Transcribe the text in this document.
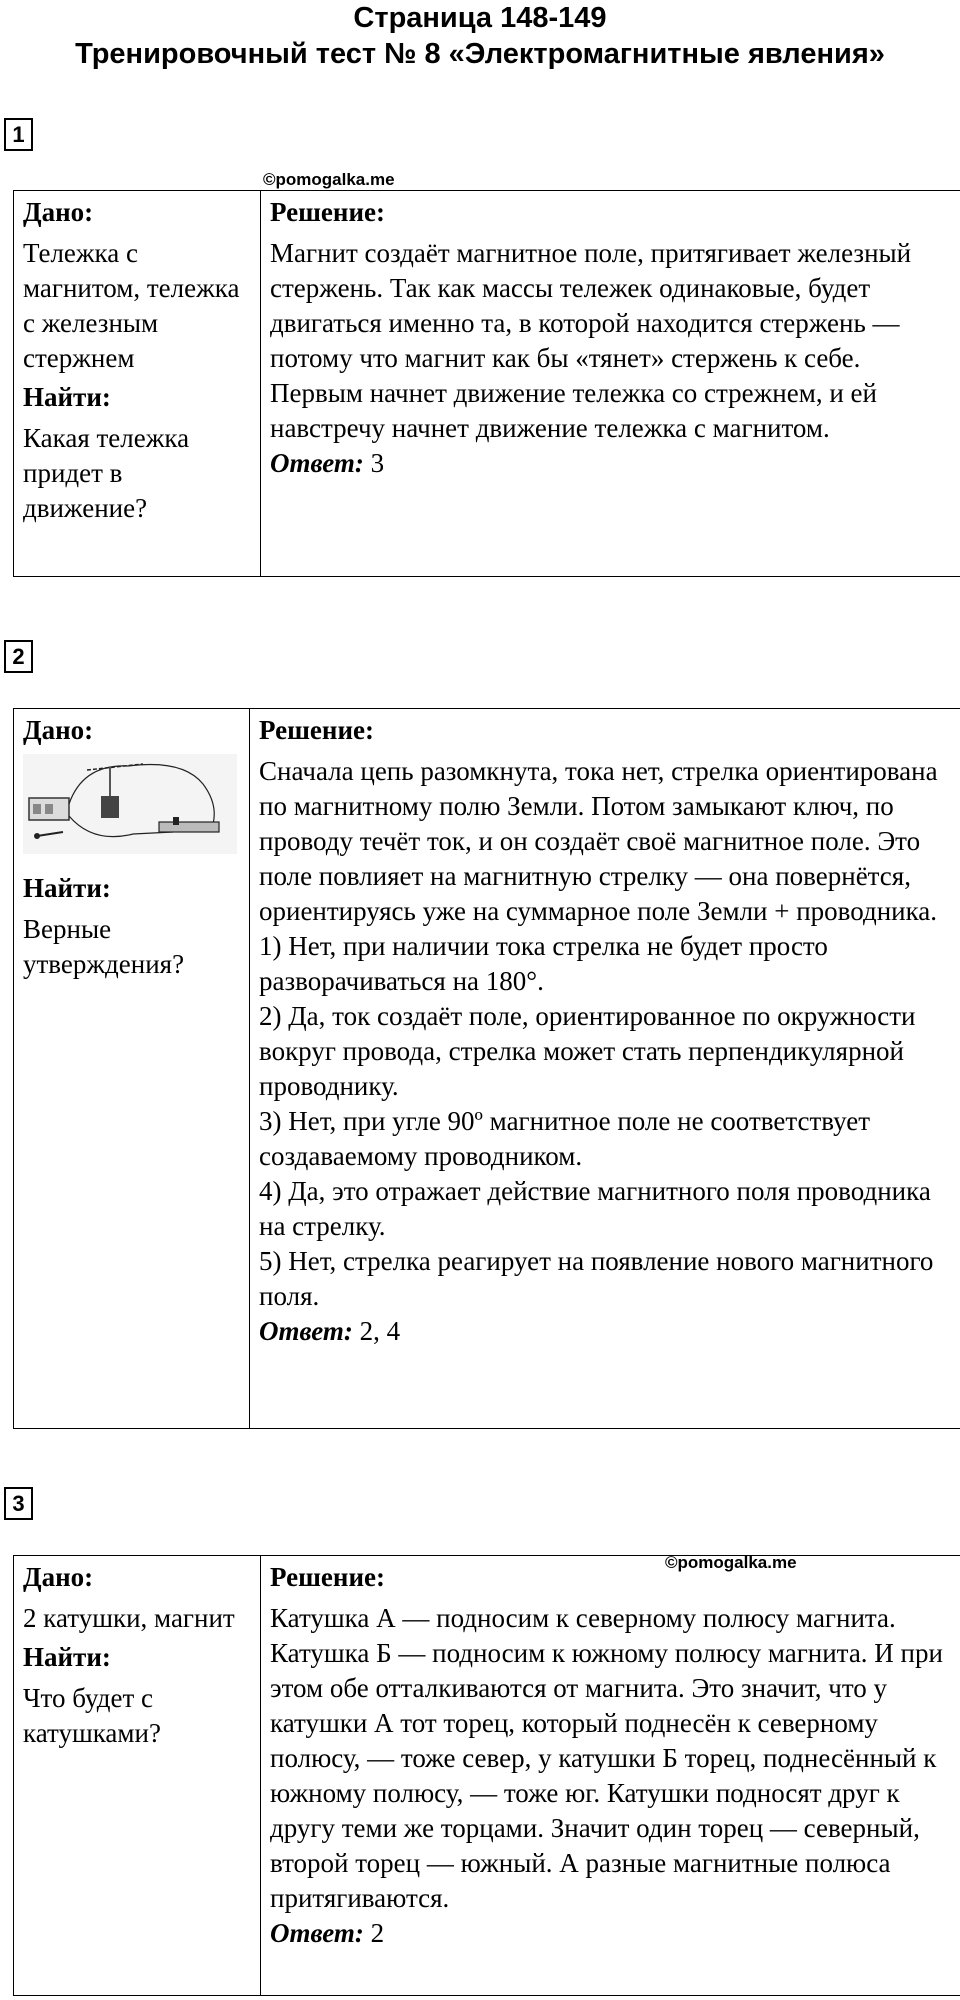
Страница 148-149
Тренировочный тест № 8 «Электромагнитные явления»
1
©pomogalka.me
Дано:
Тележка с магнитом, тележка с железным стержнем
Найти:
Какая тележка придет в движение?

Решение:
Магнит создаёт магнитное поле, притягивает железный стержень. Так как массы тележек одинаковые, будет двигаться именно та, в которой находится стержень — потому что магнит как бы «тянет» стержень к себе. Первым начнет движение тележка со стрежнем, и ей навстречу начнет движение тележка с магнитом.
Ответ: 3
2
Дано:
Найти:
Верные утверждения?

Решение:
Сначала цепь разомкнута, тока нет, стрелка ориентирована по магнитному полю Земли. Потом замыкают ключ, по проводу течёт ток, и он создаёт своё магнитное поле. Это поле повлияет на магнитную стрелку — она повернётся, ориентируясь уже на суммарное поле Земли + проводника.
1) Нет, при наличии тока стрелка не будет просто разворачиваться на 180°.
2) Да, ток создаёт поле, ориентированное по окружности вокруг провода, стрелка может стать перпендикулярной проводнику.
3) Нет, при угле 90º магнитное поле не соответствует создаваемому проводником.
4) Да, это отражает действие магнитного поля проводника на стрелку.
5) Нет, стрелка реагирует на появление нового магнитного поля.
Ответ: 2, 4
3
©pomogalka.me
Дано:
2 катушки, магнит
Найти:
Что будет с катушками?

Решение:
Катушка А — подносим к северному полюсу магнита. Катушка Б — подносим к южному полюсу магнита. И при этом обе отталкиваются от магнита. Это значит, что у катушки А тот торец, который поднесён к северному полюсу, — тоже север, у катушки Б торец, поднесённый к южному полюсу, — тоже юг. Катушки подносят друг к другу теми же торцами. Значит один торец — северный, второй торец — южный. А разные магнитные полюса притягиваются.
Ответ: 2
